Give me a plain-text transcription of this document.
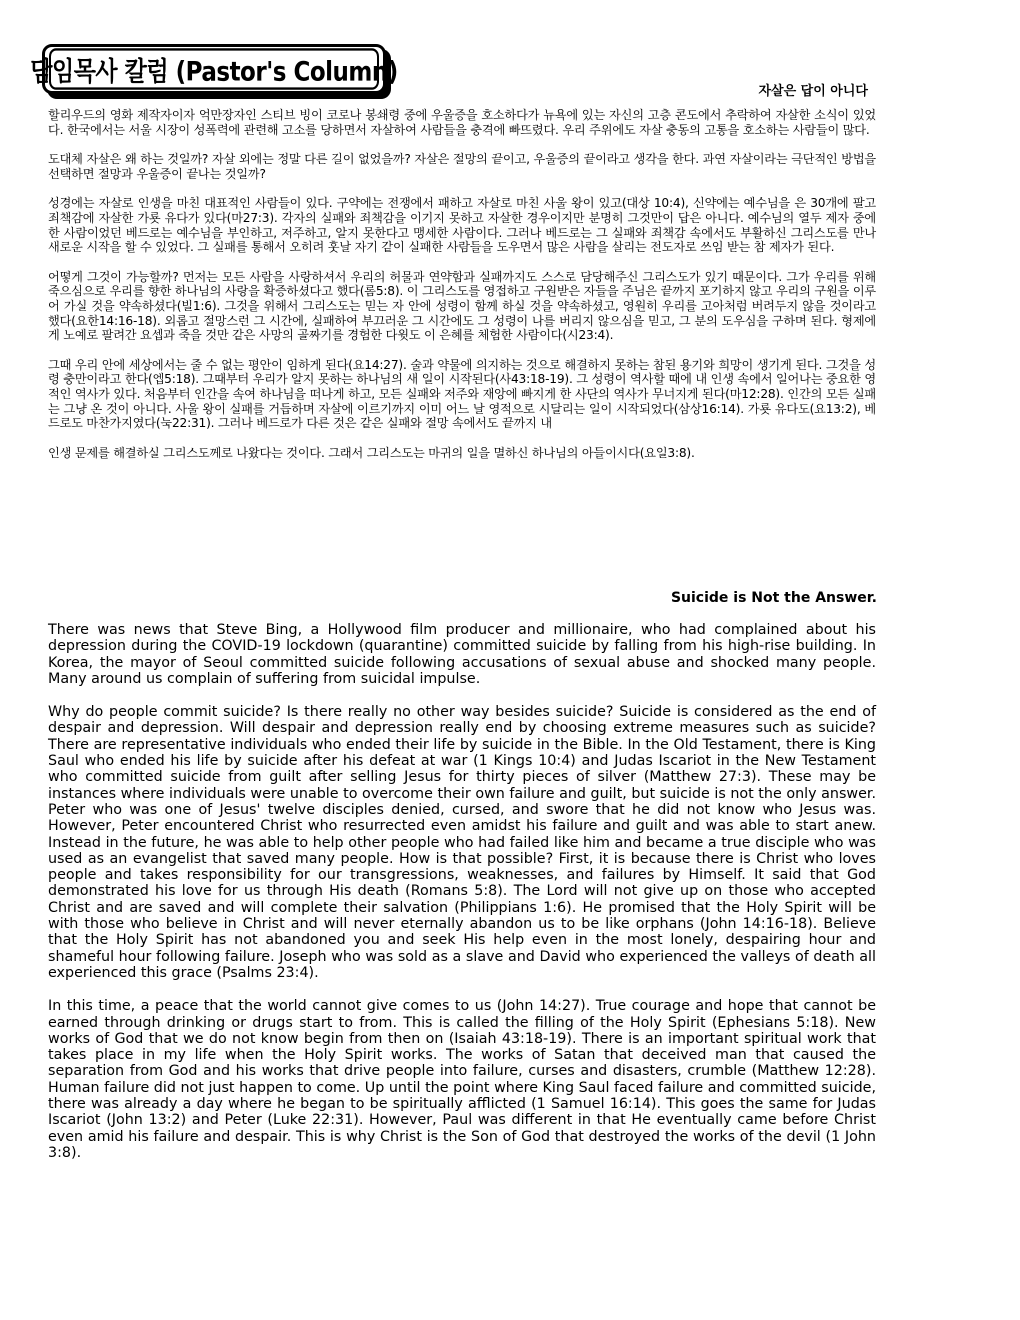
담임목사 칼럼 (Pastor's Column)
자살은 답이 아니다

할리우드의 영화 제작자이자 억만장자인 스티브 빙이 코로나 봉쇄령 중에 우울증을 호소하다가 뉴욕에 있는 자신의 고층 콘도에서 추락하여 자살한 소식이 있었다. 한국에서는 서울 시장이 성폭력에 관련해 고소를 당하면서 자살하여 사람들을 충격에 빠뜨렸다. 우리 주위에도 자살 충동의 고통을 호소하는 사람들이 많다.

도대체 자살은 왜 하는 것일까? 자살 외에는 정말 다른 길이 없었을까? 자살은 절망의 끝이고, 우울증의 끝이라고 생각을 한다. 과연 자살이라는 극단적인 방법을 선택하면 절망과 우울증이 끝나는 것일까?

성경에는 자살로 인생을 마친 대표적인 사람들이 있다. 구약에는 전쟁에서 패하고 자살로 마친 사울 왕이 있고(대상 10:4), 신약에는 예수님을 은 30개에 팔고 죄책감에 자살한 가룟 유다가 있다(마27:3). 각자의 실패와 죄책감을 이기지 못하고 자살한 경우이지만 분명히 그것만이 답은 아니다. 예수님의 열두 제자 중에 한 사람이었던 베드로는 예수님을 부인하고, 저주하고, 알지 못한다고 맹세한 사람이다. 그러나 베드로는 그 실패와 죄책감 속에서도 부활하신 그리스도를 만나 새로운 시작을 할 수 있었다. 그 실패를 통해서 오히려 훗날 자기 같이 실패한 사람들을 도우면서 많은 사람을 살리는 전도자로 쓰임 받는 참 제자가 된다.

어떻게 그것이 가능할까? 먼저는 모든 사람을 사랑하셔서 우리의 허물과 연약함과 실패까지도 스스로 담당해주신 그리스도가 있기 때문이다. 그가 우리를 위해 죽으심으로 우리를 향한 하나님의 사랑을 확증하셨다고 했다(롬5:8). 이 그리스도를 영접하고 구원받은 자들을 주님은 끝까지 포기하지 않고 우리의 구원을 이루어 가실 것을 약속하셨다(빌1:6). 그것을 위해서 그리스도는 믿는 자 안에 성령이 함께 하실 것을 약속하셨고, 영원히 우리를 고아처럼 버려두지 않을 것이라고 했다(요한14:16-18). 외롭고 절망스런 그 시간에, 실패하여 부끄러운 그 시간에도 그 성령이 나를 버리지 않으심을 믿고, 그 분의 도우심을 구하며 된다. 형제에게 노예로 팔려간 요셉과 죽을 것만 같은 사망의 골짜기를 경험한 다윗도 이 은혜를 체험한 사람이다(시23:4).

그때 우리 안에 세상에서는 줄 수 없는 평안이 임하게 된다(요14:27). 술과 약물에 의지하는 것으로 해결하지 못하는 참된 용기와 희망이 생기게 된다. 그것을 성령 충만이라고 한다(엡5:18). 그때부터 우리가 알지 못하는 하나님의 새 일이 시작된다(사43:18-19). 그 성령이 역사할 때에 내 인생 속에서 일어나는 중요한 영적인 역사가 있다. 처음부터 인간을 속여 하나님을 떠나게 하고, 모든 실패와 저주와 재앙에 빠지게 한 사단의 역사가 무너지게 된다(마12:28). 인간의 모든 실패는 그냥 온 것이 아니다. 사울 왕이 실패를 거듭하며 자살에 이르기까지 이미 어느 날 영적으로 시달리는 일이 시작되었다(삼상16:14). 가룟 유다도(요13:2), 베드로도 마찬가지였다(눅22:31). 그러나 베드로가 다른 것은 같은 실패와 절망 속에서도 끝까지 내

인생 문제를 해결하실 그리스도께로 나왔다는 것이다. 그래서 그리스도는 마귀의 일을 멸하신 하나님의 아들이시다(요일3:8).

Suicide is Not the Answer.

There was news that Steve Bing, a Hollywood film producer and millionaire, who had complained about his depression during the COVID-19 lockdown (quarantine) committed suicide by falling from his high-rise building. In Korea, the mayor of Seoul committed suicide following accusations of sexual abuse and shocked many people. Many around us complain of suffering from suicidal impulse.

Why do people commit suicide? Is there really no other way besides suicide? Suicide is considered as the end of despair and depression. Will despair and depression really end by choosing extreme measures such as suicide? There are representative individuals who ended their life by suicide in the Bible. In the Old Testament, there is King Saul who ended his life by suicide after his defeat at war (1 Kings 10:4) and Judas Iscariot in the New Testament who committed suicide from guilt after selling Jesus for thirty pieces of silver (Matthew 27:3). These may be instances where individuals were unable to overcome their own failure and guilt, but suicide is not the only answer. Peter who was one of Jesus' twelve disciples denied, cursed, and swore that he did not know who Jesus was. However, Peter encountered Christ who resurrected even amidst his failure and guilt and was able to start anew. Instead in the future, he was able to help other people who had failed like him and became a true disciple who was used as an evangelist that saved many people. How is that possible? First, it is because there is Christ who loves people and takes responsibility for our transgressions, weaknesses, and failures by Himself. It said that God demonstrated his love for us through His death (Romans 5:8). The Lord will not give up on those who accepted Christ and are saved and will complete their salvation (Philippians 1:6). He promised that the Holy Spirit will be with those who believe in Christ and will never eternally abandon us to be like orphans (John 14:16-18). Believe that the Holy Spirit has not abandoned you and seek His help even in the most lonely, despairing hour and shameful hour following failure. Joseph who was sold as a slave and David who experienced the valleys of death all experienced this grace (Psalms 23:4).

In this time, a peace that the world cannot give comes to us (John 14:27). True courage and hope that cannot be earned through drinking or drugs start to from. This is called the filling of the Holy Spirit (Ephesians 5:18). New works of God that we do not know begin from then on (Isaiah 43:18-19). There is an important spiritual work that takes place in my life when the Holy Spirit works. The works of Satan that deceived man that caused the separation from God and his works that drive people into failure, curses and disasters, crumble (Matthew 12:28). Human failure did not just happen to come. Up until the point where King Saul faced failure and committed suicide, there was already a day where he began to be spiritually afflicted (1 Samuel 16:14). This goes the same for Judas Iscariot (John 13:2) and Peter (Luke 22:31). However, Paul was different in that He eventually came before Christ even amid his failure and despair. This is why Christ is the Son of God that destroyed the works of the devil (1 John 3:8).
